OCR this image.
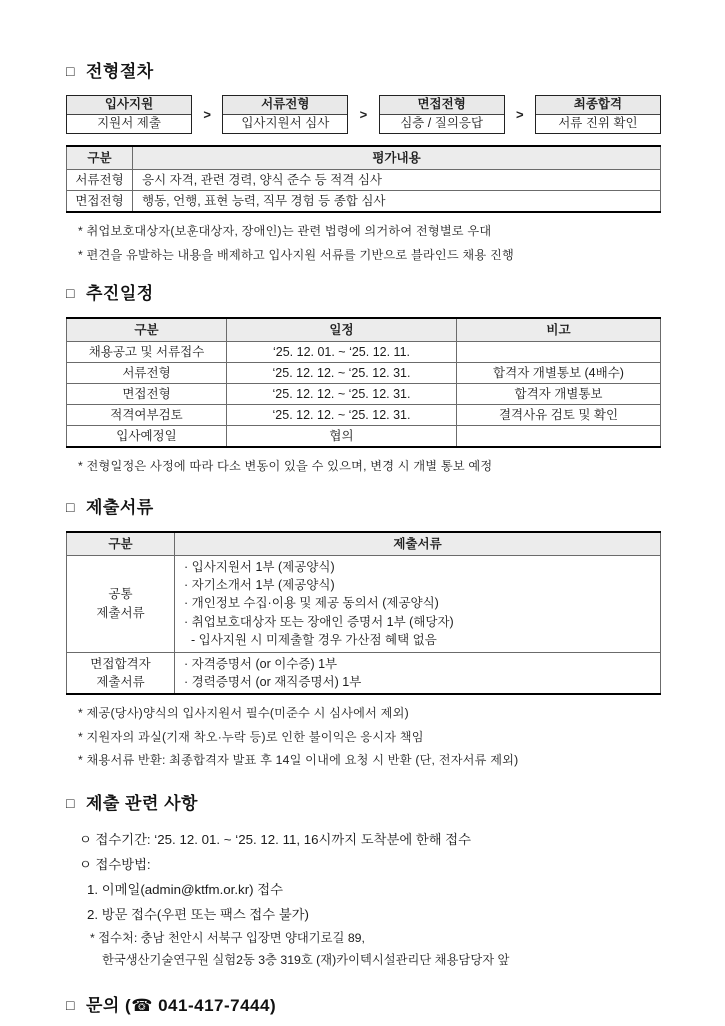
□ 전형절차
입사지원
지원서 제출
>
서류전형
입사지원서 심사
>
면접전형
심층 / 질의응답
>
최종합격
서류 진위 확인
구분	평가내용
서류전형	응시 자격, 관련 경력, 양식 준수 등 적격 심사
면접전형	행동, 언행, 표현 능력, 직무 경험 등 종합 심사
* 취업보호대상자(보훈대상자, 장애인)는 관련 법령에 의거하여 전형별로 우대
* 편견을 유발하는 내용을 배제하고 입사지원 서류를 기반으로 블라인드 채용 진행
□ 추진일정
구분	일정	비고
채용공고 및 서류접수	‘25. 12. 01. ~ ‘25. 12. 11.	
서류전형	‘25. 12. 12. ~ ‘25. 12. 31.	합격자 개별통보 (4배수)
면접전형	‘25. 12. 12. ~ ‘25. 12. 31.	합격자 개별통보
적격여부검토	‘25. 12. 12. ~ ‘25. 12. 31.	결격사유 검토 및 확인
입사예정일	협의	
* 전형일정은 사정에 따라 다소 변동이 있을 수 있으며, 변경 시 개별 통보 예정
□ 제출서류
구분	제출서류

공통
제출서류

· 입사지원서 1부 (제공양식)
· 자기소개서 1부 (제공양식)
· 개인정보 수집·이용 및 제공 동의서 (제공양식)
· 취업보호대상자 또는 장애인 증명서 1부 (해당자)
- 입사지원 시 미제출할 경우 가산점 혜택 없음

면접합격자
제출서류

· 자격증명서 (or 이수증) 1부
· 경력증명서 (or 재직증명서) 1부
* 제공(당사)양식의 입사지원서 필수(미준수 시 심사에서 제외)
* 지원자의 과실(기재 착오·누락 등)로 인한 불이익은 응시자 책임
* 채용서류 반환: 최종합격자 발표 후 14일 이내에 요청 시 반환 (단, 전자서류 제외)
□ 제출 관련 사항
ㅇ 접수기간: ‘25. 12. 01. ~ ‘25. 12. 11, 16시까지 도착분에 한해 접수
ㅇ 접수방법:
1. 이메일(admin@ktfm.or.kr) 접수
2. 방문 접수(우편 또는 팩스 접수 불가)
* 접수처: 충남 천안시 서북구 입장면 양대기로길 89,
한국생산기술연구원 실험2동 3층 319호 (재)카이텍시설관리단 채용담당자 앞
□ 문의 (☎ 041-417-7444)
